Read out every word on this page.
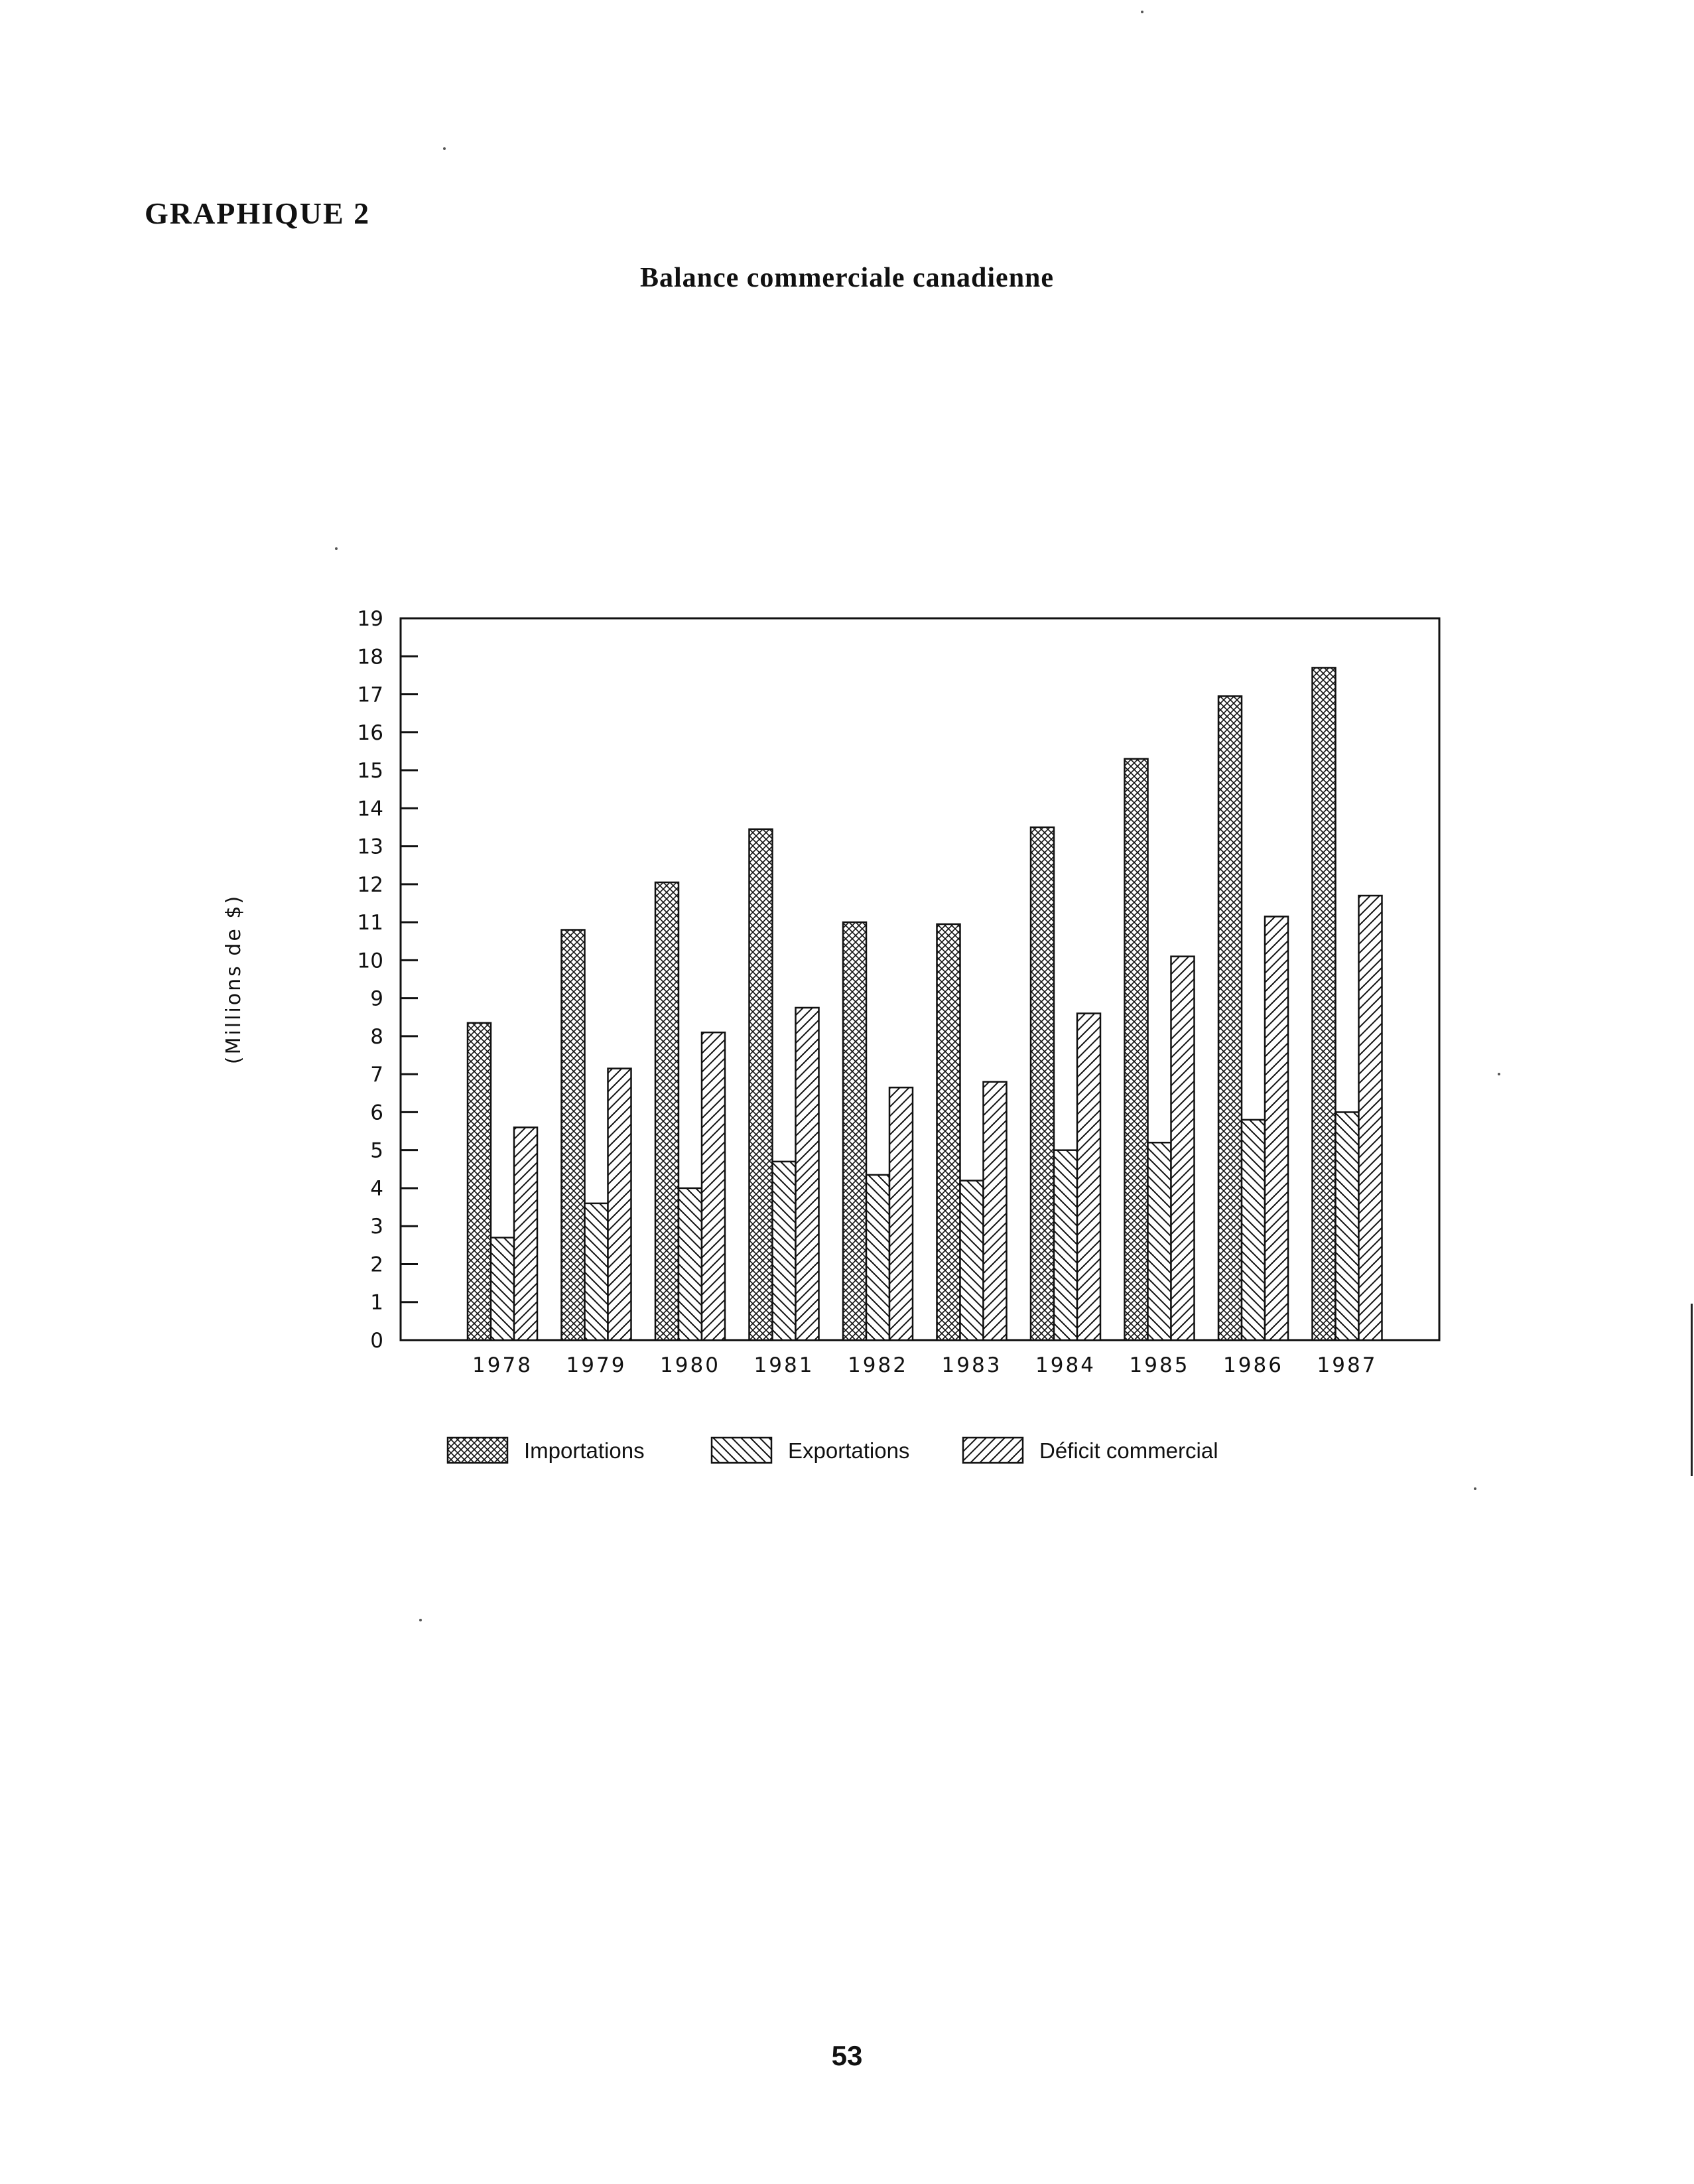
GRAPHIQUE 2
Balance commerciale canadienne
(Millions de $)
0
1
2
3
4
5
6
7
8
9
10
11
12
13
14
15
16
17
18
19
1978 1979 1980 1981 1982 1983 1984 1985 1986 1987
Importations	Exportations	Déficit commercial
53
